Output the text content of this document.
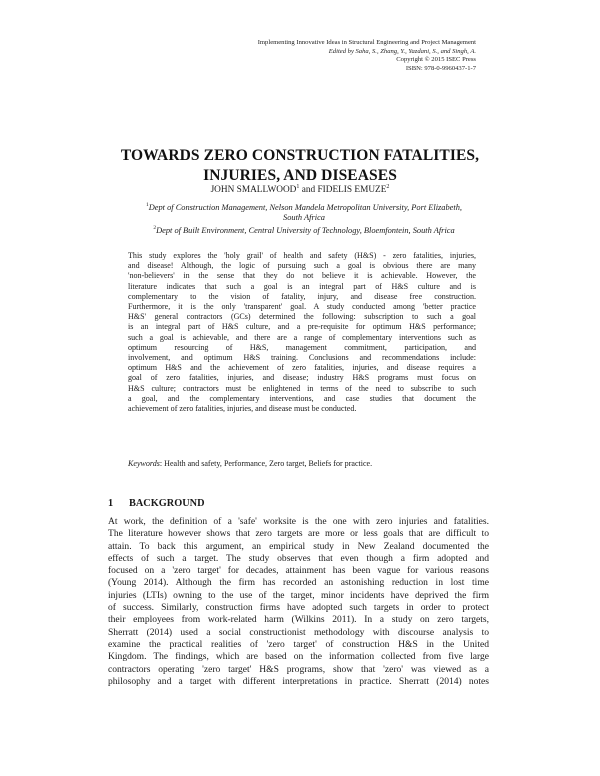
Implementing Innovative Ideas in Structural Engineering and Project Management
Edited by Saha, S., Zhang, Y., Yazdani, S., and Singh, A.
Copyright © 2015 ISEC Press
ISBN: 978-0-9960437-1-7
TOWARDS ZERO CONSTRUCTION FATALITIES,
INJURIES, AND DISEASES
JOHN SMALLWOOD$^1$ and FIDELIS EMUZE$^2$
$^1$Dept of Construction Management, Nelson Mandela Metropolitan University, Port Elizabeth,
South Africa
$^2$Dept of Built Environment, Central University of Technology, Bloemfontein, South Africa
This study explores the 'holy grail' of health and safety (H&S) - zero fatalities, injuries,
and disease! Although, the logic of pursuing such a goal is obvious there are many
'non-believers' in the sense that they do not believe it is achievable. However, the
literature indicates that such a goal is an integral part of H&S culture and is
complementary to the vision of fatality, injury, and disease free construction.
Furthermore, it is the only 'transparent' goal. A study conducted among 'better practice
H&S' general contractors (GCs) determined the following: subscription to such a goal
is an integral part of H&S culture, and a pre-requisite for optimum H&S performance;
such a goal is achievable, and there are a range of complementary interventions such as
optimum resourcing of H&S, management commitment, participation, and
involvement, and optimum H&S training. Conclusions and recommendations include:
optimum H&S and the achievement of zero fatalities, injuries, and disease requires a
goal of zero fatalities, injuries, and disease; industry H&S programs must focus on
H&S culture; contractors must be enlightened in terms of the need to subscribe to such
a goal, and the complementary interventions, and case studies that document the
achievement of zero fatalities, injuries, and disease must be conducted.
Keywords: Health and safety, Performance, Zero target, Beliefs for practice.
1 BACKGROUND
At work, the definition of a 'safe' worksite is the one with zero injuries and fatalities.
The literature however shows that zero targets are more or less goals that are difficult to
attain. To back this argument, an empirical study in New Zealand documented the
effects of such a target. The study observes that even though a firm adopted and
focused on a 'zero target' for decades, attainment has been vague for various reasons
(Young 2014). Although the firm has recorded an astonishing reduction in lost time
injuries (LTIs) owning to the use of the target, minor incidents have deprived the firm
of success. Similarly, construction firms have adopted such targets in order to protect
their employees from work-related harm (Wilkins 2011). In a study on zero targets,
Sherratt (2014) used a social constructionist methodology with discourse analysis to
examine the practical realities of 'zero target' of construction H&S in the United
Kingdom. The findings, which are based on the information collected from five large
contractors operating 'zero target' H&S programs, show that 'zero' was viewed as a
philosophy and a target with different interpretations in practice. Sherratt (2014) notes
